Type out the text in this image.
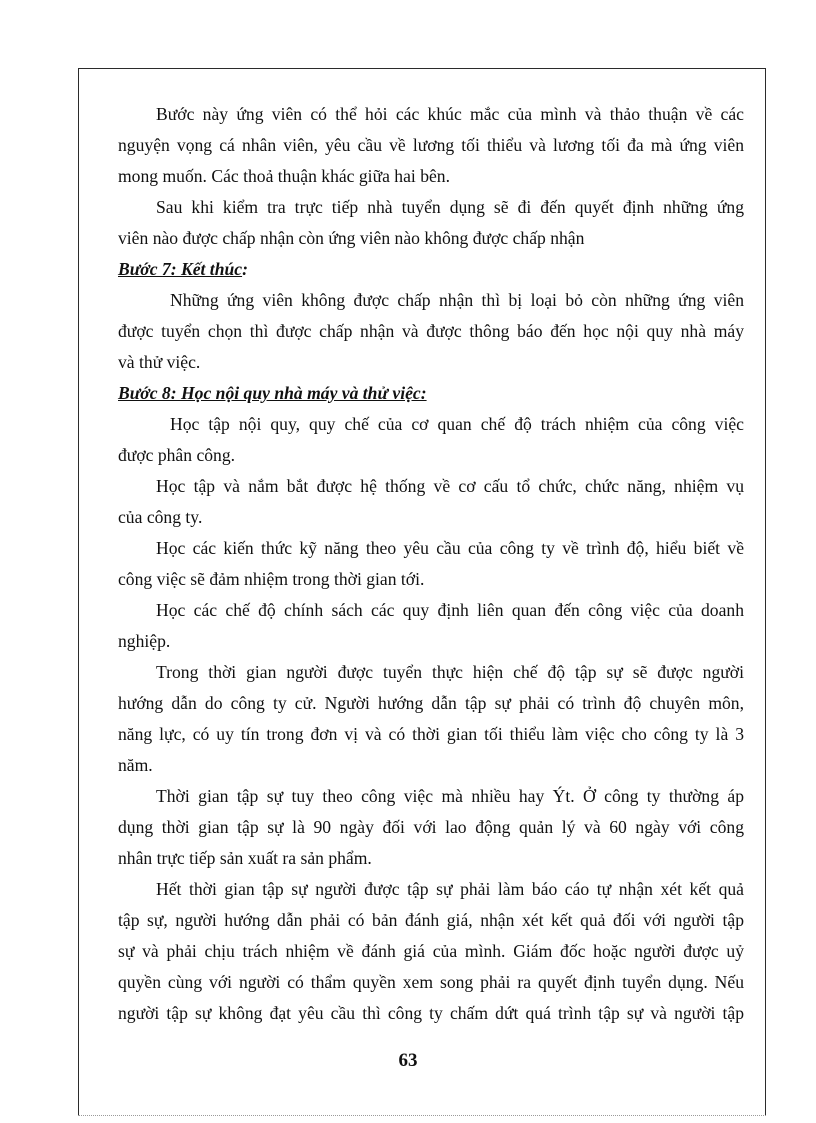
Bước này ứng viên có thể hỏi các khúc mắc của mình và thảo thuận về các
nguyện vọng cá nhân viên, yêu cầu về lương tối thiểu và lương tối đa mà ứng viên
mong muốn. Các thoả thuận khác giữa hai bên.
Sau khi kiểm tra trực tiếp nhà tuyển dụng sẽ đi đến quyết định những ứng
viên nào được chấp nhận còn ứng viên nào không được chấp nhận
Bước 7: Kết thúc:
Những ứng viên không được chấp nhận thì bị loại bỏ còn những ứng viên
được tuyển chọn thì được chấp nhận và được thông báo đến học nội quy nhà máy
và thử việc.
Bước 8: Học nội quy nhà máy và thử việc:
Học tập nội quy, quy chế của cơ quan chế độ trách nhiệm của công việc
được phân công.
Học tập và nắm bắt được hệ thống về cơ cấu tổ chức, chức năng, nhiệm vụ
của công ty.
Học các kiến thức kỹ năng theo yêu cầu của công ty về trình độ, hiểu biết về
công việc sẽ đảm nhiệm trong thời gian tới.
Học các chế độ chính sách các quy định liên quan đến công việc của doanh
nghiệp.
Trong thời gian người được tuyển thực hiện chế độ tập sự sẽ được người
hướng dẫn do công ty cử. Người hướng dẫn tập sự phải có trình độ chuyên môn,
năng lực, có uy tín trong đơn vị và có thời gian tối thiểu làm việc cho công ty là 3
năm.
Thời gian tập sự tuy theo công việc mà nhiều hay Ýt. Ở công ty thường áp
dụng thời gian tập sự là 90 ngày đối với lao động quản lý và 60 ngày với công
nhân trực tiếp sản xuất ra sản phẩm.
Hết thời gian tập sự người được tập sự phải làm báo cáo tự nhận xét kết quả
tập sự, người hướng dẫn phải có bản đánh giá, nhận xét kết quả đối với người tập
sự và phải chịu trách nhiệm về đánh giá của mình. Giám đốc hoặc người được uỷ
quyền cùng với người có thẩm quyền xem song phải ra quyết định tuyển dụng. Nếu
người tập sự không đạt yêu cầu thì công ty chấm dứt quá trình tập sự và người tập
63
